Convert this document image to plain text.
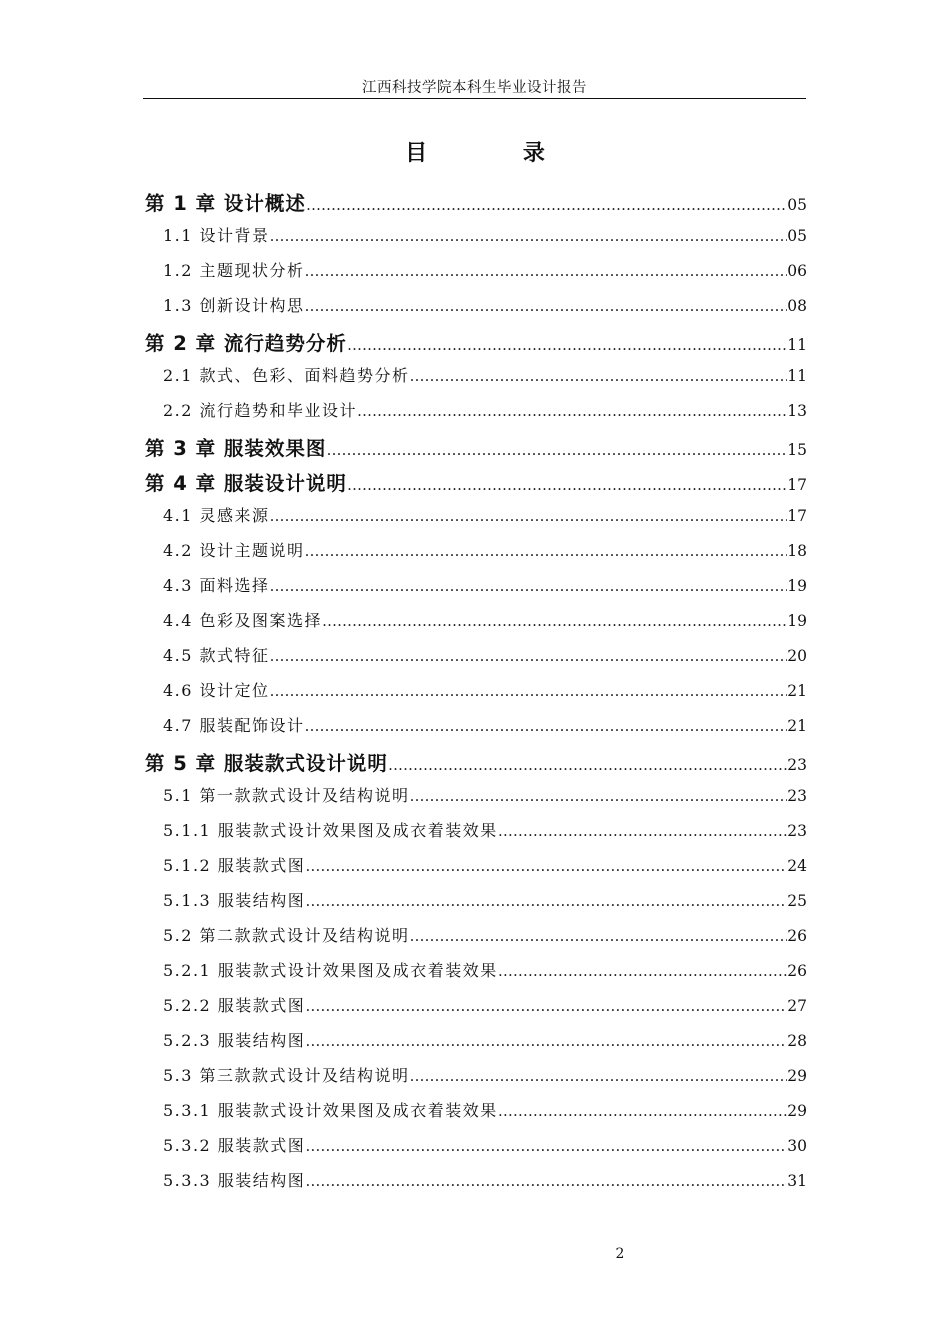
江西科技学院本科生毕业设计报告
目 录
第 1 章 设计概述 ……………………………………………………………………………………………………………………………………………………	05
1.1 设计背景 ……………………………………………………………………………………………………………………………………………………	05
1.2 主题现状分析 ……………………………………………………………………………………………………………………………………………………	06
1.3 创新设计构思 ……………………………………………………………………………………………………………………………………………………	08
第 2 章 流行趋势分析 ……………………………………………………………………………………………………………………………………………………	11
2.1 款式、色彩、面料趋势分析 ……………………………………………………………………………………………………………………………………………………	11
2.2 流行趋势和毕业设计 ……………………………………………………………………………………………………………………………………………………	13
第 3 章 服装效果图 ……………………………………………………………………………………………………………………………………………………	15
第 4 章 服装设计说明 ……………………………………………………………………………………………………………………………………………………	17
4.1 灵感来源 ……………………………………………………………………………………………………………………………………………………	17
4.2 设计主题说明 ……………………………………………………………………………………………………………………………………………………	18
4.3 面料选择 ……………………………………………………………………………………………………………………………………………………	19
4.4 色彩及图案选择 ……………………………………………………………………………………………………………………………………………………	19
4.5 款式特征 ……………………………………………………………………………………………………………………………………………………	20
4.6 设计定位 ……………………………………………………………………………………………………………………………………………………	21
4.7 服装配饰设计 ……………………………………………………………………………………………………………………………………………………	21
第 5 章 服装款式设计说明 ……………………………………………………………………………………………………………………………………………………	23
5.1 第一款款式设计及结构说明 ……………………………………………………………………………………………………………………………………………………	23
5.1.1 服装款式设计效果图及成衣着装效果 ……………………………………………………………………………………………………………………………………………………	23
5.1.2 服装款式图 ……………………………………………………………………………………………………………………………………………………	24
5.1.3 服装结构图 ……………………………………………………………………………………………………………………………………………………	25
5.2 第二款款式设计及结构说明 ……………………………………………………………………………………………………………………………………………………	26
5.2.1 服装款式设计效果图及成衣着装效果 ……………………………………………………………………………………………………………………………………………………	26
5.2.2 服装款式图 ……………………………………………………………………………………………………………………………………………………	27
5.2.3 服装结构图 ……………………………………………………………………………………………………………………………………………………	28
5.3 第三款款式设计及结构说明 ……………………………………………………………………………………………………………………………………………………	29
5.3.1 服装款式设计效果图及成衣着装效果 ……………………………………………………………………………………………………………………………………………………	29
5.3.2 服装款式图 ……………………………………………………………………………………………………………………………………………………	30
5.3.3 服装结构图 ……………………………………………………………………………………………………………………………………………………	31
2
